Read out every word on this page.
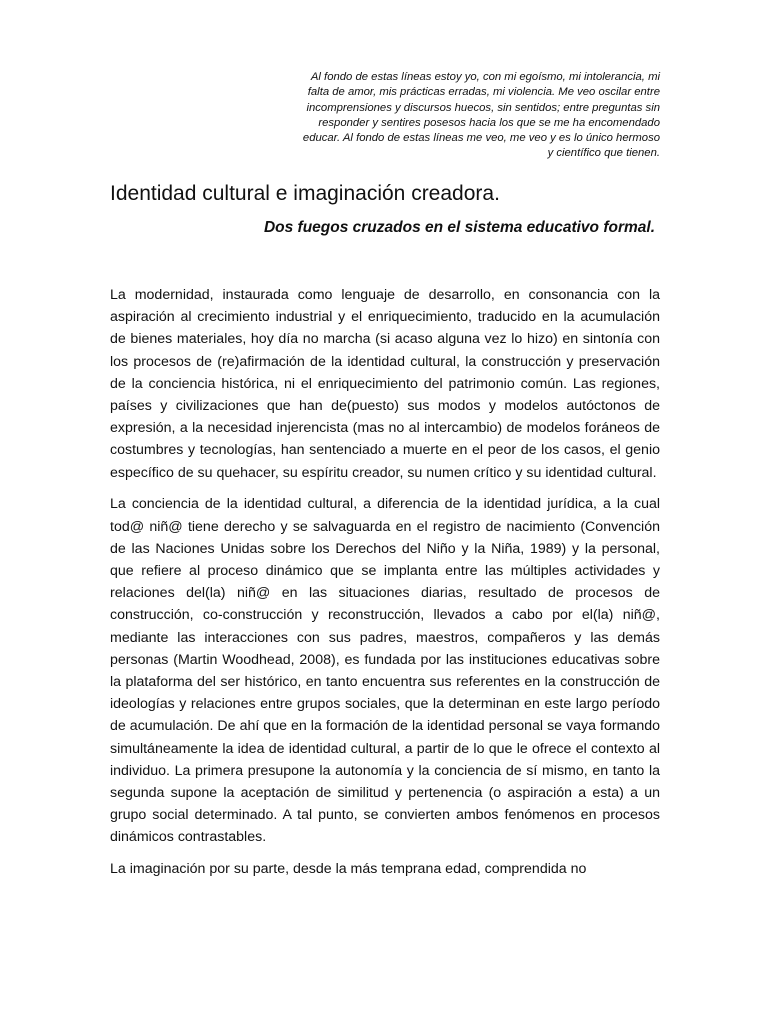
Al fondo de estas líneas estoy yo, con mi egoísmo, mi intolerancia, mi
falta de amor, mis prácticas erradas, mi violencia. Me veo oscilar entre
incomprensiones y discursos huecos, sin sentidos; entre preguntas sin
responder y sentires posesos hacia los que se me ha encomendado
educar. Al fondo de estas líneas me veo, me veo y es lo único hermoso
y científico que tienen.
Identidad cultural e imaginación creadora.
Dos fuegos cruzados en el sistema educativo formal.

La modernidad, instaurada como lenguaje de desarrollo, en consonancia con la aspiración al crecimiento industrial y el enriquecimiento, traducido en la acumulación de bienes materiales, hoy día no marcha (si acaso alguna vez lo hizo) en sintonía con los procesos de (re)afirmación de la identidad cultural, la construcción y preservación de la conciencia histórica, ni el enriquecimiento del patrimonio común. Las regiones, países y civilizaciones que han de(puesto) sus modos y modelos autóctonos de expresión, a la necesidad injerencista (mas no al intercambio) de modelos foráneos de costumbres y tecnologías, han sentenciado a muerte en el peor de los casos, el genio específico de su quehacer, su espíritu creador, su numen crítico y su identidad cultural.

La conciencia de la identidad cultural, a diferencia de la identidad jurídica, a la cual tod@ niñ@ tiene derecho y se salvaguarda en el registro de nacimiento (Convención de las Naciones Unidas sobre los Derechos del Niño y la Niña, 1989) y la personal, que refiere al proceso dinámico que se implanta entre las múltiples actividades y relaciones del(la) niñ@ en las situaciones diarias, resultado de procesos de construcción, co-construcción y reconstrucción, llevados a cabo por el(la) niñ@, mediante las interacciones con sus padres, maestros, compañeros y las demás personas (Martin Woodhead, 2008), es fundada por las instituciones educativas sobre la plataforma del ser histórico, en tanto encuentra sus referentes en la construcción de ideologías y relaciones entre grupos sociales, que la determinan en este largo período de acumulación. De ahí que en la formación de la identidad personal se vaya formando simultáneamente la idea de identidad cultural, a partir de lo que le ofrece el contexto al individuo. La primera presupone la autonomía y la conciencia de sí mismo, en tanto la segunda supone la aceptación de similitud y pertenencia (o aspiración a esta) a un grupo social determinado. A tal punto, se convierten ambos fenómenos en procesos dinámicos contrastables.

La imaginación por su parte, desde la más temprana edad, comprendida no
